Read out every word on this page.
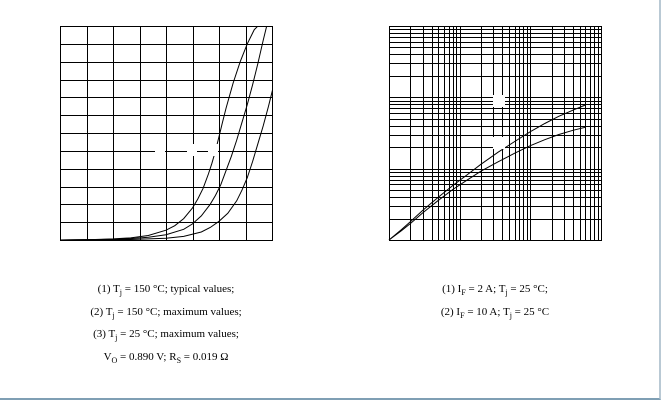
(1) $T_j = 150$ °C; typical values;
(2) $T_j = 150$ °C; maximum values;
(3) $T_j = 25$ °C; maximum values;
$V_O = 0.890$ V; $R_S = 0.019$ Ω
(1) $I_F = 2$ A; $T_j = 25$ °C;
(2) $I_F = 10$ A; $T_j = 25$ °C
